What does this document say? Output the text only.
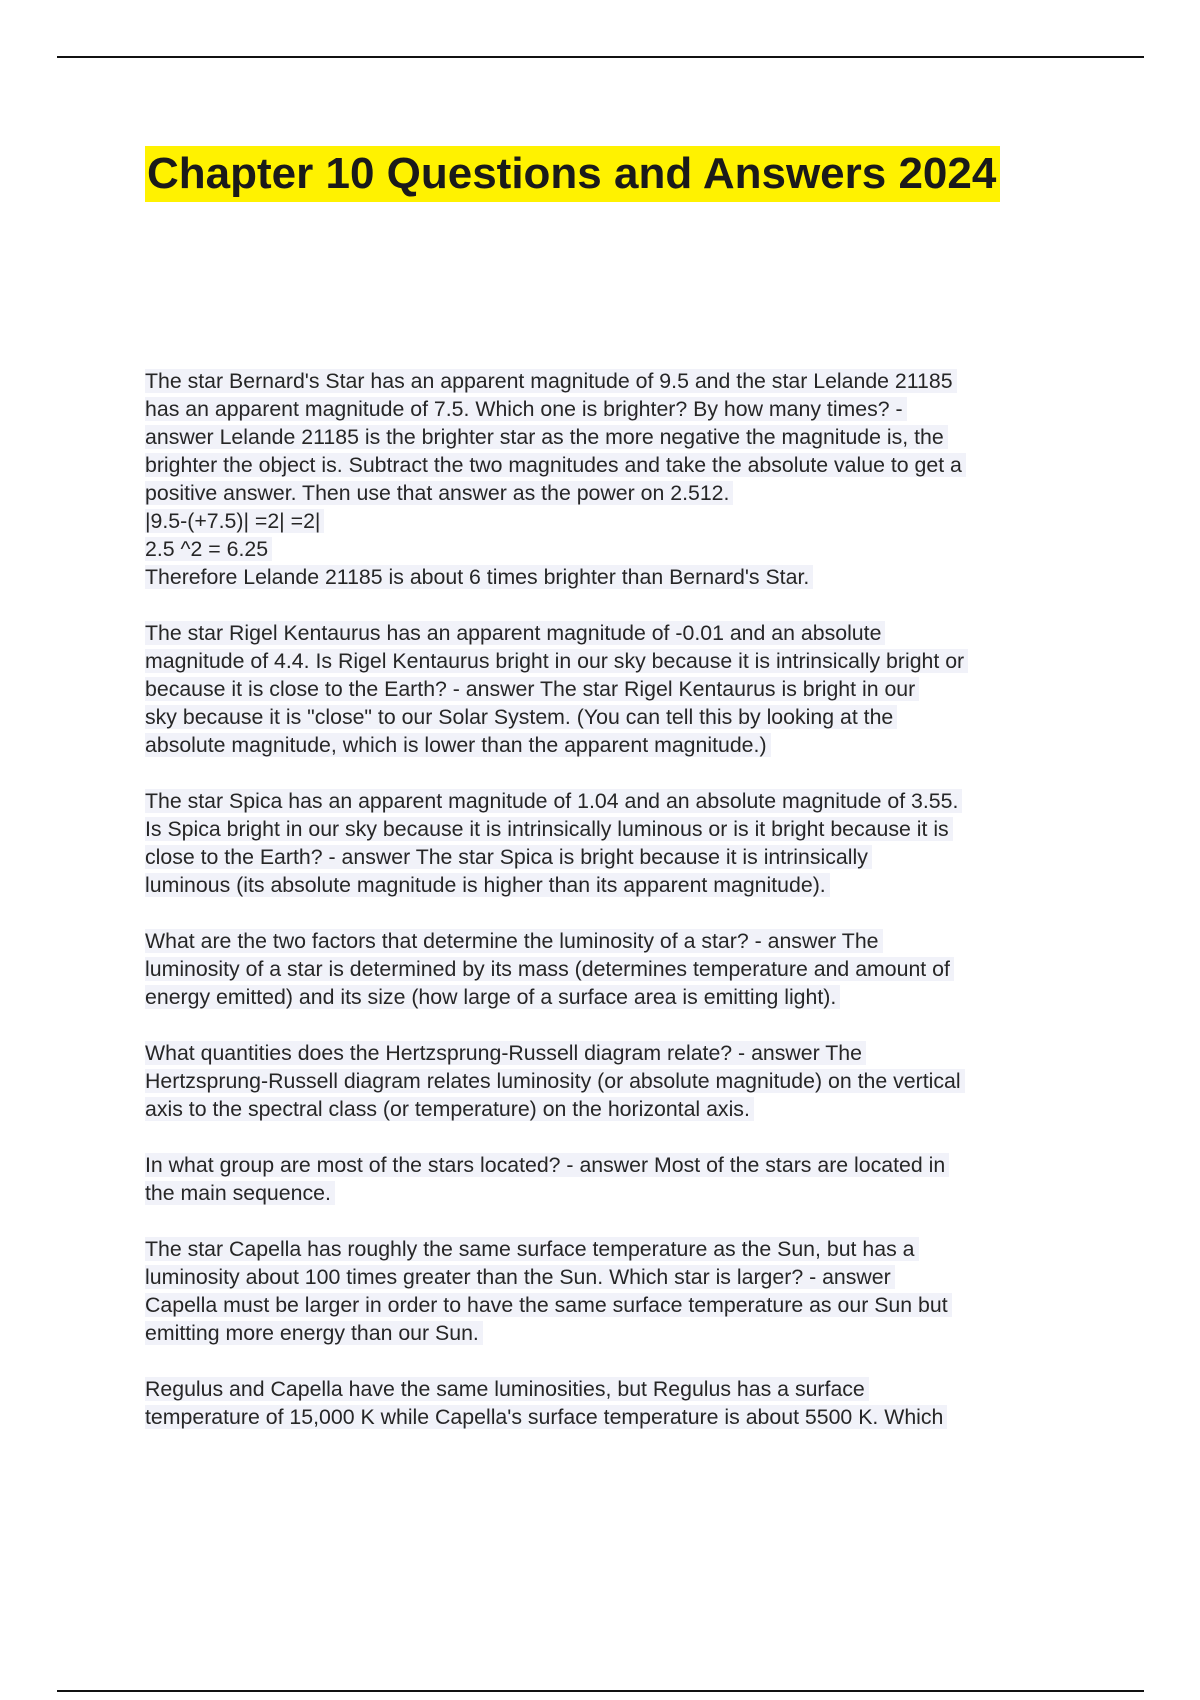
Chapter 10 Questions and Answers 2024
The star Bernard's Star has an apparent magnitude of 9.5 and the star Lelande 21185
has an apparent magnitude of 7.5. Which one is brighter? By how many times? -
answer Lelande 21185 is the brighter star as the more negative the magnitude is, the
brighter the object is. Subtract the two magnitudes and take the absolute value to get a
positive answer. Then use that answer as the power on 2.512.
|9.5-(+7.5)| =2| =2|
2.5 ^2 = 6.25
Therefore Lelande 21185 is about 6 times brighter than Bernard's Star.
The star Rigel Kentaurus has an apparent magnitude of -0.01 and an absolute
magnitude of 4.4. Is Rigel Kentaurus bright in our sky because it is intrinsically bright or
because it is close to the Earth? - answer The star Rigel Kentaurus is bright in our
sky because it is "close" to our Solar System. (You can tell this by looking at the
absolute magnitude, which is lower than the apparent magnitude.)
The star Spica has an apparent magnitude of 1.04 and an absolute magnitude of 3.55.
Is Spica bright in our sky because it is intrinsically luminous or is it bright because it is
close to the Earth? - answer The star Spica is bright because it is intrinsically
luminous (its absolute magnitude is higher than its apparent magnitude).
What are the two factors that determine the luminosity of a star? - answer The
luminosity of a star is determined by its mass (determines temperature and amount of
energy emitted) and its size (how large of a surface area is emitting light).
What quantities does the Hertzsprung-Russell diagram relate? - answer The
Hertzsprung-Russell diagram relates luminosity (or absolute magnitude) on the vertical
axis to the spectral class (or temperature) on the horizontal axis.
In what group are most of the stars located? - answer Most of the stars are located in
the main sequence.
The star Capella has roughly the same surface temperature as the Sun, but has a
luminosity about 100 times greater than the Sun. Which star is larger? - answer
Capella must be larger in order to have the same surface temperature as our Sun but
emitting more energy than our Sun.
Regulus and Capella have the same luminosities, but Regulus has a surface
temperature of 15,000 K while Capella's surface temperature is about 5500 K. Which
